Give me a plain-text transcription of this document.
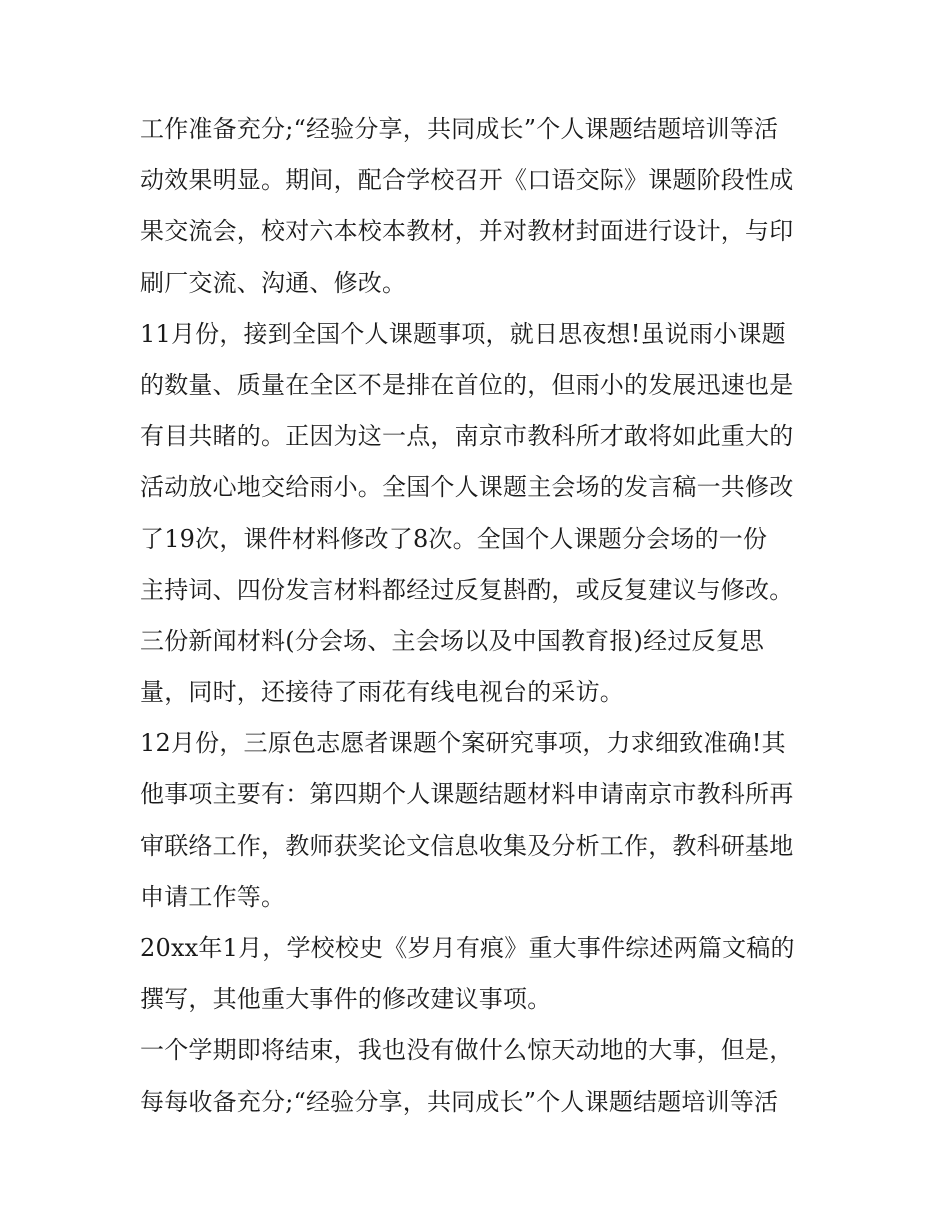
工作准备充分;“经验分享，共同成长”个人课题结题培训等活
动效果明显。期间，配合学校召开《口语交际》课题阶段性成
果交流会，校对六本校本教材，并对教材封面进行设计，与印
刷厂交流、沟通、修改。
11月份，接到全国个人课题事项，就日思夜想!虽说雨小课题
的数量、质量在全区不是排在首位的，但雨小的发展迅速也是
有目共睹的。正因为这一点，南京市教科所才敢将如此重大的
活动放心地交给雨小。全国个人课题主会场的发言稿一共修改
了19次，课件材料修改了8次。全国个人课题分会场的一份
主持词、四份发言材料都经过反复斟酌，或反复建议与修改。
三份新闻材料(分会场、主会场以及中国教育报)经过反复思
量，同时，还接待了雨花有线电视台的采访。
12月份，三原色志愿者课题个案研究事项，力求细致准确!其
他事项主要有：第四期个人课题结题材料申请南京市教科所再
审联络工作，教师获奖论文信息收集及分析工作，教科研基地
申请工作等。
20xx年1月，学校校史《岁月有痕》重大事件综述两篇文稿的
撰写，其他重大事件的修改建议事项。
一个学期即将结束，我也没有做什么惊天动地的大事，但是，
每每收备充分;“经验分享，共同成长”个人课题结题培训等活
